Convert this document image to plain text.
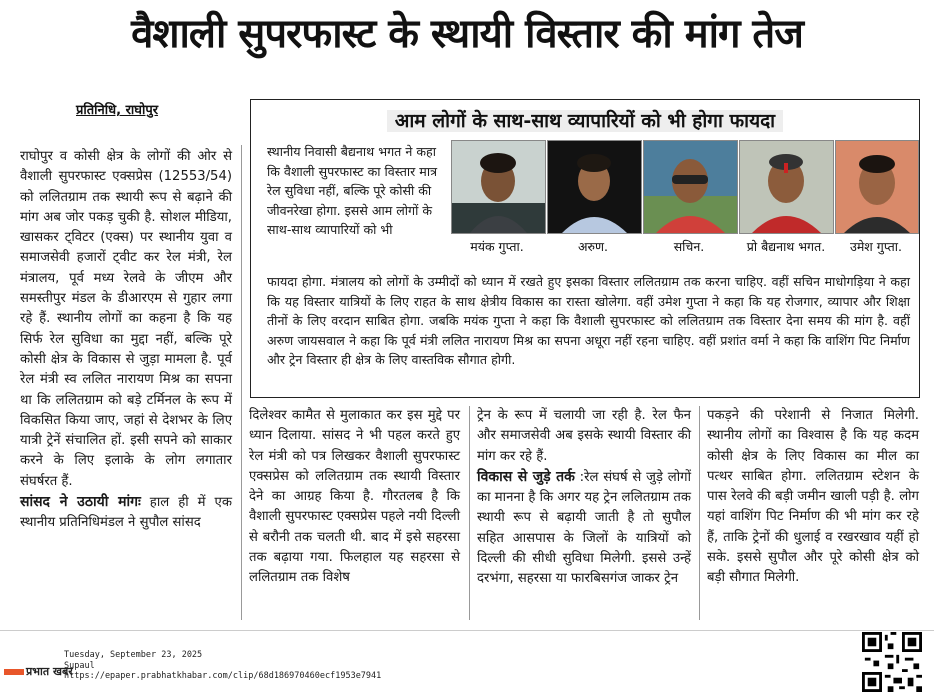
वैशाली सुपरफास्ट के स्थायी विस्तार की मांग तेज
प्रतिनिधि, राघोपुर

राघोपुर व कोसी क्षेत्र के लोगों की ओर से वैशाली सुपरफास्ट एक्सप्रेस (12553/54) को ललितग्राम तक स्थायी रूप से बढ़ाने की मांग अब जोर पकड़ चुकी है. सोशल मीडिया, खासकर ट्विटर (एक्स) पर स्थानीय युवा व समाजसेवी हजारों ट्वीट कर रेल मंत्री, रेल मंत्रालय, पूर्व मध्य रेलवे के जीएम और समस्तीपुर मंडल के डीआरएम से गुहार लगा रहे हैं. स्थानीय लोगों का कहना है कि यह सिर्फ रेल सुविधा का मुद्दा नहीं, बल्कि पूरे कोसी क्षेत्र के विकास से जुड़ा मामला है. पूर्व रेल मंत्री स्व ललित नारायण मिश्र का सपना था कि ललितग्राम को बड़े टर्मिनल के रूप में विकसित किया जाए, जहां से देशभर के लिए यात्री ट्रेनें संचालित हों. इसी सपने को साकार करने के लिए इलाके के लोग लगातार संघर्षरत हैं.

सांसद ने उठायी मांगः हाल ही में एक स्थानीय प्रतिनिधिमंडल ने सुपौल सांसद

आम लोगों के साथ-साथ व्यापारियों को भी होगा फायदा
स्थानीय निवासी बैद्यनाथ भगत ने कहा कि वैशाली सुपरफास्ट का विस्तार मात्र रेल सुविधा नहीं, बल्कि पूरे कोसी की जीवनरेखा होगा. इससे आम लोगों के साथ-साथ व्यापारियों को भी
मयंक गुप्ता.	अरुण.	सचिन.	प्रो बैद्यनाथ भगत.	उमेश गुप्ता.
फायदा होगा. मंत्रालय को लोगों के उम्मीदों को ध्यान में रखते हुए इसका विस्तार ललितग्राम तक करना चाहिए. वहीं सचिन माधोगड़िया ने कहा कि यह विस्तार यात्रियों के लिए राहत के साथ क्षेत्रीय विकास का रास्ता खोलेगा. वहीं उमेश गुप्ता ने कहा कि यह रोजगार, व्यापार और शिक्षा तीनों के लिए वरदान साबित होगा. जबकि मयंक गुप्ता ने कहा कि वैशाली सुपरफास्ट को ललितग्राम तक विस्तार देना समय की मांग है. वहीं अरुण जायसवाल ने कहा कि पूर्व मंत्री ललित नारायण मिश्र का सपना अधूरा नहीं रहना चाहिए. वहीं प्रशांत वर्मा ने कहा कि वाशिंग पिट निर्माण और ट्रेन विस्तार ही क्षेत्र के लिए वास्तविक सौगात होगी.

दिलेश्वर कामैत से मुलाकात कर इस मुद्दे पर ध्यान दिलाया. सांसद ने भी पहल करते हुए रेल मंत्री को पत्र लिखकर वैशाली सुपरफास्ट एक्सप्रेस को ललितग्राम तक स्थायी विस्तार देने का आग्रह किया है. गौरतलब है कि वैशाली सुपरफास्ट एक्सप्रेस पहले नयी दिल्ली से बरौनी तक चलती थी. बाद में इसे सहरसा तक बढ़ाया गया. फिलहाल यह सहरसा से ललितग्राम तक विशेष

ट्रेन के रूप में चलायी जा रही है. रेल फैन और समाजसेवी अब इसके स्थायी विस्तार की मांग कर रहे हैं.

विकास से जुड़े तर्क :रेल संघर्ष से जुड़े लोगों का मानना है कि अगर यह ट्रेन ललितग्राम तक स्थायी रूप से बढ़ायी जाती है तो सुपौल सहित आसपास के जिलों के यात्रियों को दिल्ली की सीधी सुविधा मिलेगी. इससे उन्हें दरभंगा, सहरसा या फारबिसगंज जाकर ट्रेन

पकड़ने की परेशानी से निजात मिलेगी. स्थानीय लोगों का विश्वास है कि यह कदम कोसी क्षेत्र के लिए विकास का मील का पत्थर साबित होगा. ललितग्राम स्टेशन के पास रेलवे की बड़ी जमीन खाली पड़ी है. लोग यहां वाशिंग पिट निर्माण की भी मांग कर रहे हैं, ताकि ट्रेनों की धुलाई व रखरखाव यहीं हो सके. इससे सुपौल और पूरे कोसी क्षेत्र को बड़ी सौगात मिलेगी.

प्रभात खबर
Tuesday, September 23, 2025
Supaul
https://epaper.prabhatkhabar.com/clip/68d186970460ecf1953e7941
